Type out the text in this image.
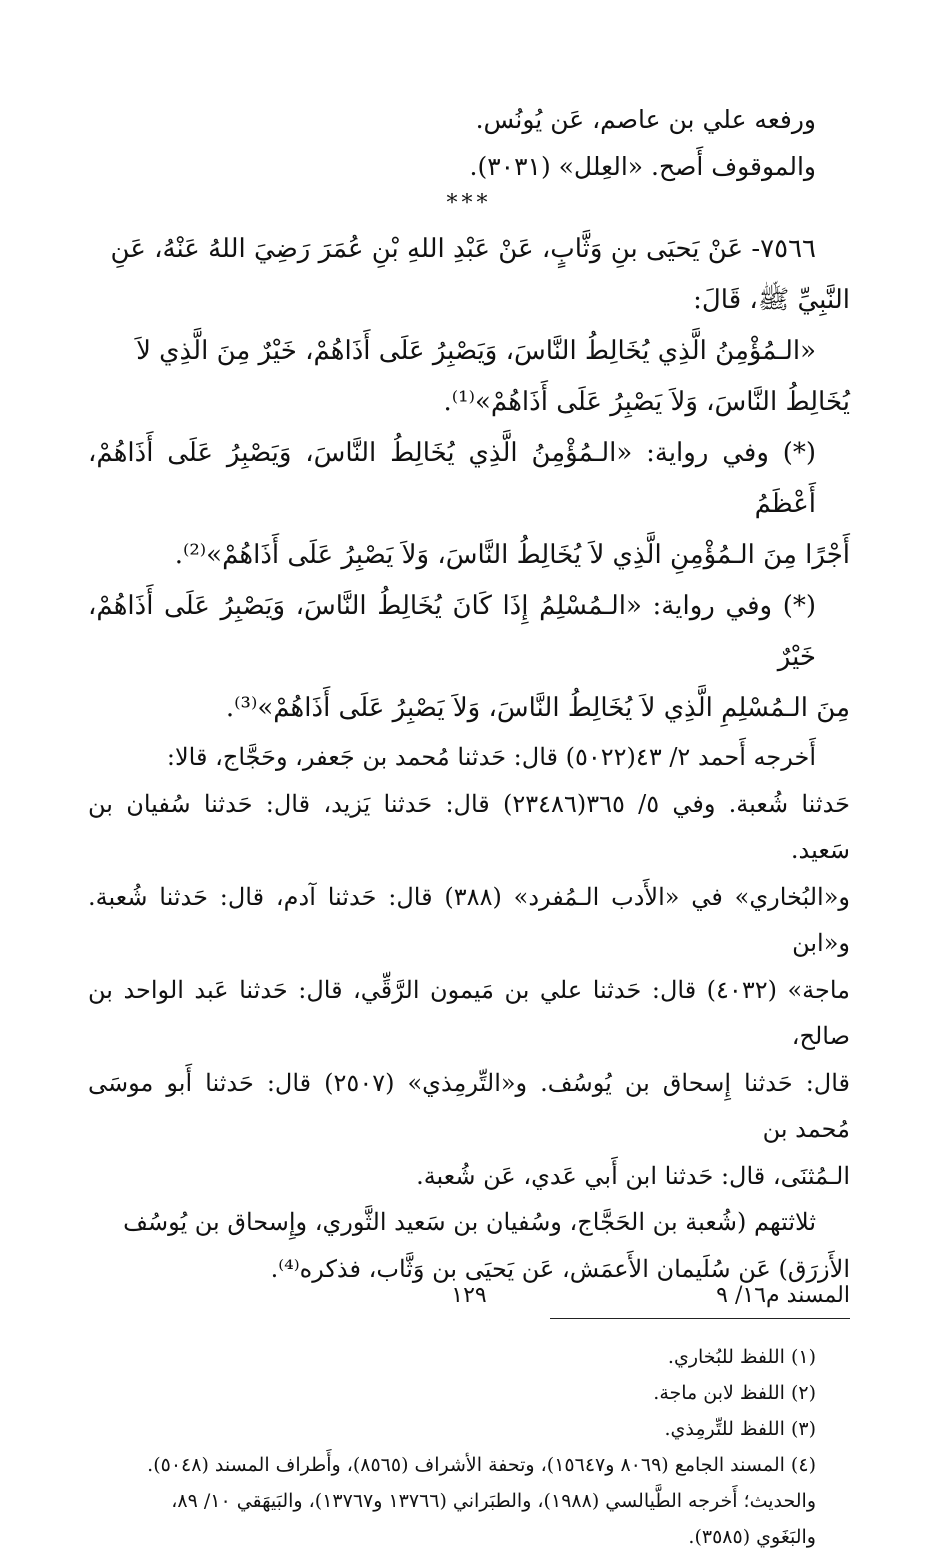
ورفعه علي بن عاصم، عَن يُونُس.

والموقوف أَصح. «العِلل» (٣٠٣١).

***

٧٥٦٦- عَنْ يَحيَى بنِ وَثَّابٍ، عَنْ عَبْدِ اللهِ بْنِ عُمَرَ رَضِيَ اللهُ عَنْهُ، عَنِ

النَّبِيِّ ﷺ، قَالَ:

«الـمُؤْمِنُ الَّذِي يُخَالِطُ النَّاسَ، وَيَصْبِرُ عَلَى أَذَاهُمْ، خَيْرٌ مِنَ الَّذِي لاَ

يُخَالِطُ النَّاسَ، وَلاَ يَصْبِرُ عَلَى أَذَاهُمْ»⁽¹⁾.

(*) وفي رواية: «الـمُؤْمِنُ الَّذِي يُخَالِطُ النَّاسَ، وَيَصْبِرُ عَلَى أَذَاهُمْ، أَعْظَمُ

أَجْرًا مِنَ الـمُؤْمِنِ الَّذِي لاَ يُخَالِطُ النَّاسَ، وَلاَ يَصْبِرُ عَلَى أَذَاهُمْ»⁽²⁾.

(*) وفي رواية: «الـمُسْلِمُ إِذَا كَانَ يُخَالِطُ النَّاسَ، وَيَصْبِرُ عَلَى أَذَاهُمْ، خَيْرٌ

مِنَ الـمُسْلِمِ الَّذِي لاَ يُخَالِطُ النَّاسَ، وَلاَ يَصْبِرُ عَلَى أَذَاهُمْ»⁽³⁾.

أَخرجه أَحمد ٢/ ٤٣(٥٠٢٢) قال: حَدثنا مُحمد بن جَعفر، وحَجَّاج، قالا:

حَدثنا شُعبة. وفي ٥/ ٣٦٥(٢٣٤٨٦) قال: حَدثنا يَزيد، قال: حَدثنا سُفيان بن سَعيد.

و«البُخاري» في «الأَدب الـمُفرد» (٣٨٨) قال: حَدثنا آدم، قال: حَدثنا شُعبة. و«ابن

ماجة» (٤٠٣٢) قال: حَدثنا علي بن مَيمون الرَّقِّي، قال: حَدثنا عَبد الواحد بن صالح،

قال: حَدثنا إِسحاق بن يُوسُف. و«التِّرمِذي» (٢٥٠٧) قال: حَدثنا أَبو موسَى مُحمد بن

الـمُثنَى، قال: حَدثنا ابن أَبي عَدي، عَن شُعبة.

ثلاثتهم (شُعبة بن الحَجَّاج، وسُفيان بن سَعيد الثَّوري، وإِسحاق بن يُوسُف

الأَزرَق) عَن سُلَيمان الأَعمَش، عَن يَحيَى بن وَثَّاب، فذكره⁽⁴⁾.

(١) اللفظ للبُخاري.

(٢) اللفظ لابن ماجة.

(٣) اللفظ للتِّرمِذي.

(٤) المسند الجامع (٨٠٦٩ و١٥٦٤٧)، وتحفة الأشراف (٨٥٦٥)، وأَطراف المسند (٥٠٤٨).

والحديث؛ أَخرجه الطَّيالسي (١٩٨٨)، والطبَراني (١٣٧٦٦ و١٣٧٦٧)، والبَيهَقي ١٠/ ٨٩،

والبَغَوي (٣٥٨٥).

المسند م١٦/ ٩
١٢٩
